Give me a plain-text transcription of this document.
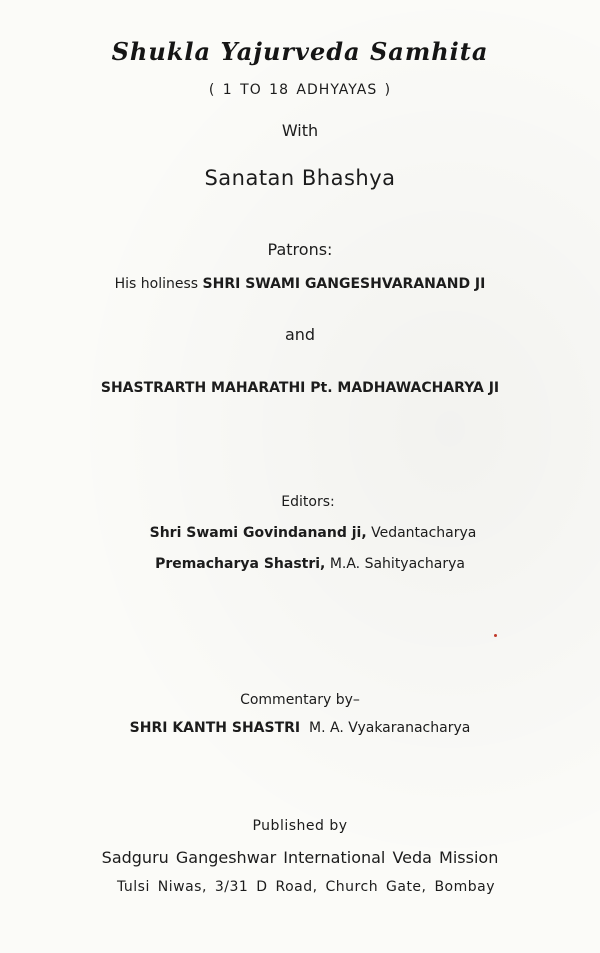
Shukla Yajurveda Samhita
( 1 TO 18 ADHYAYAS )
With
Sanatan Bhashya
Patrons:
His holiness SHRI SWAMI GANGESHVARANAND JI
and
SHASTRARTH MAHARATHI Pt. MADHAWACHARYA JI
Editors:
Shri Swami Govindanand ji, Vedantacharya
Premacharya Shastri, M.A. Sahityacharya
Commentary by–
SHRI KANTH SHASTRI  M. A. Vyakaranacharya
Published by
Sadguru Gangeshwar International Veda Mission
Tulsi Niwas, 3/31 D Road, Church Gate, Bombay
